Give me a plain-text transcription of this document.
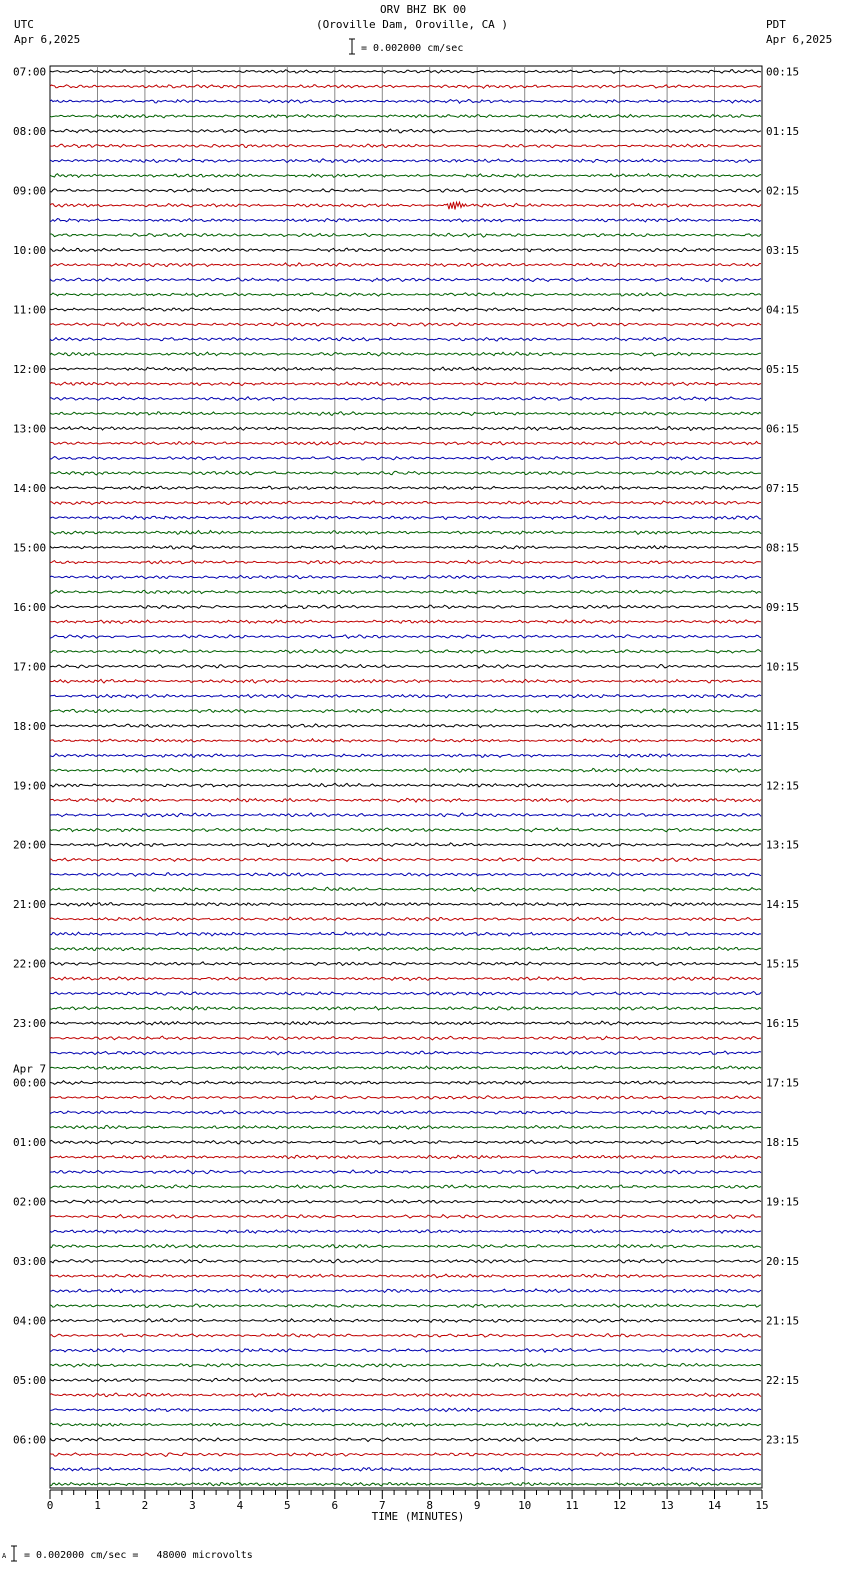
ORV BHZ BK 00
(Oroville Dam, Oroville, CA )
= 0.002000 cm/sec
UTC
Apr 6,2025
PDT
Apr 6,2025
A = 0.002000 cm/sec =   48000 microvolts
07:00	00:15
08:00	01:15
09:00	02:15
10:00	03:15
11:00	04:15
12:00	05:15
13:00	06:15
14:00	07:15
15:00	08:15
16:00	09:15
17:00	10:15
18:00	11:15
19:00	12:15
20:00	13:15
21:00	14:15
22:00	15:15
23:00	16:15
00:00	17:15
01:00	18:15
02:00	19:15
03:00	20:15
04:00	21:15
05:00	22:15
06:00	23:15
Apr 7
0	1	2	3	4	5	6	7	8	9	10	11	12	13	14	15
TIME (MINUTES)
